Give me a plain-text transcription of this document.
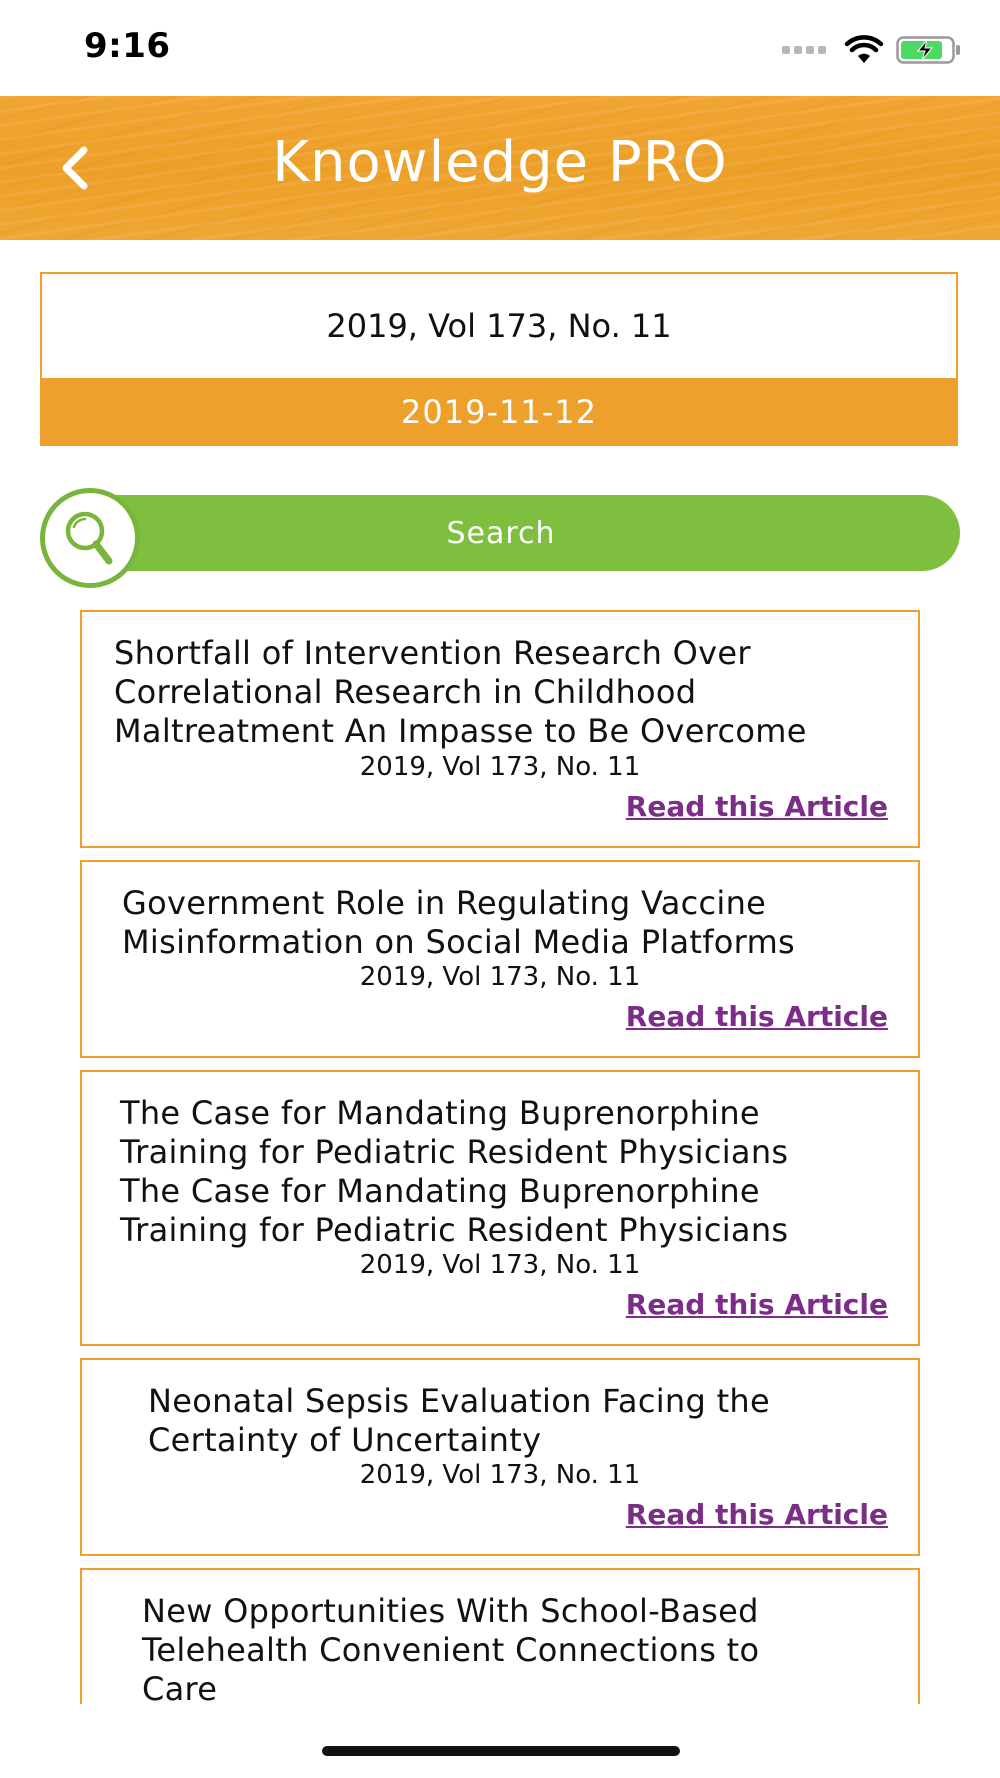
9:16
Knowledge PRO
2019, Vol 173, No. 11
2019-11-12
Search
Shortfall of Intervention Research Over
Correlational Research in Childhood
Maltreatment An Impasse to Be Overcome
2019, Vol 173, No. 11
Read this Article
Government Role in Regulating Vaccine
Misinformation on Social Media Platforms
2019, Vol 173, No. 11
Read this Article
The Case for Mandating Buprenorphine
Training for Pediatric Resident Physicians
The Case for Mandating Buprenorphine
Training for Pediatric Resident Physicians
2019, Vol 173, No. 11
Read this Article
Neonatal Sepsis Evaluation Facing the
Certainty of Uncertainty
2019, Vol 173, No. 11
Read this Article
New Opportunities With School-Based
Telehealth Convenient Connections to
Care
